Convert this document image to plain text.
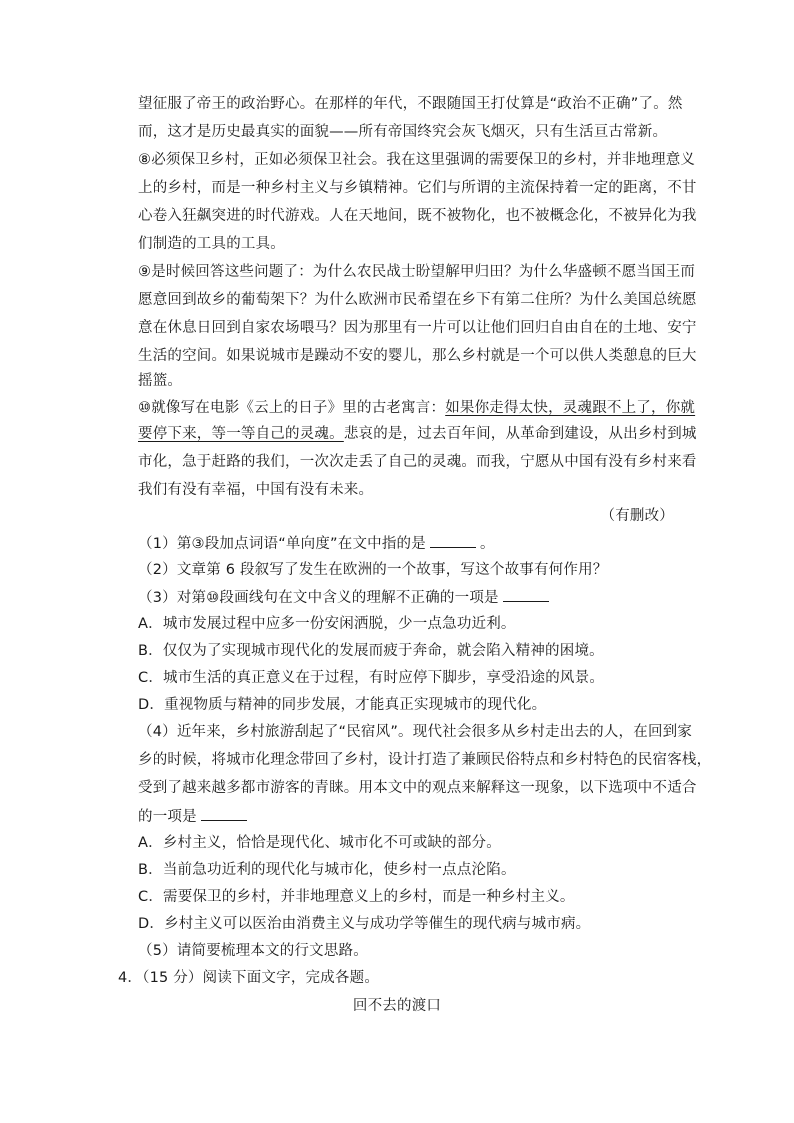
望征服了帝王的政治野心。在那样的年代，不跟随国王打仗算是“政治不正确”了。然
而，这才是历史最真实的面貌——所有帝国终究会灰飞烟灭，只有生活亘古常新。
⑧必须保卫乡村，正如必须保卫社会。我在这里强调的需要保卫的乡村，并非地理意义
上的乡村，而是一种乡村主义与乡镇精神。它们与所谓的主流保持着一定的距离，不甘
心卷入狂飙突进的时代游戏。人在天地间，既不被物化，也不被概念化，不被异化为我
们制造的工具的工具。
⑨是时候回答这些问题了：为什么农民战士盼望解甲归田？为什么华盛顿不愿当国王而
愿意回到故乡的葡萄架下？为什么欧洲市民希望在乡下有第二住所？为什么美国总统愿
意在休息日回到自家农场喂马？因为那里有一片可以让他们回归自由自在的土地、安宁
生活的空间。如果说城市是躁动不安的婴儿，那么乡村就是一个可以供人类憩息的巨大
摇篮。
⑩就像写在电影《云上的日子》里的古老寓言：如果你走得太快，灵魂跟不上了，你就
要停下来，等一等自己的灵魂。悲哀的是，过去百年间，从革命到建设，从出乡村到城
市化，急于赶路的我们，一次次走丢了自己的灵魂。而我，宁愿从中国有没有乡村来看
我们有没有幸福，中国有没有未来。
（有删改）
（1）第③段加点词语“单向度”在文中指的是	。
（2）文章第 6 段叙写了发生在欧洲的一个故事，写这个故事有何作用？
（3）对第⑩段画线句在文中含义的理解不正确的一项是
A．城市发展过程中应多一份安闲洒脱，少一点急功近利。
B．仅仅为了实现城市现代化的发展而疲于奔命，就会陷入精神的困境。
C．城市生活的真正意义在于过程，有时应停下脚步，享受沿途的风景。
D．重视物质与精神的同步发展，才能真正实现城市的现代化。
（4）近年来，乡村旅游刮起了“民宿风”。现代社会很多从乡村走出去的人，在回到家
乡的时候，将城市化理念带回了乡村，设计打造了兼顾民俗特点和乡村特色的民宿客栈，
受到了越来越多都市游客的青睐。用本文中的观点来解释这一现象，以下选项中不适合
的一项是
A．乡村主义，恰恰是现代化、城市化不可或缺的部分。
B．当前急功近利的现代化与城市化，使乡村一点点沦陷。
C．需要保卫的乡村，并非地理意义上的乡村，而是一种乡村主义。
D．乡村主义可以医治由消费主义与成功学等催生的现代病与城市病。
（5）请简要梳理本文的行文思路。
4．（15 分）阅读下面文字，完成各题。
回不去的渡口
